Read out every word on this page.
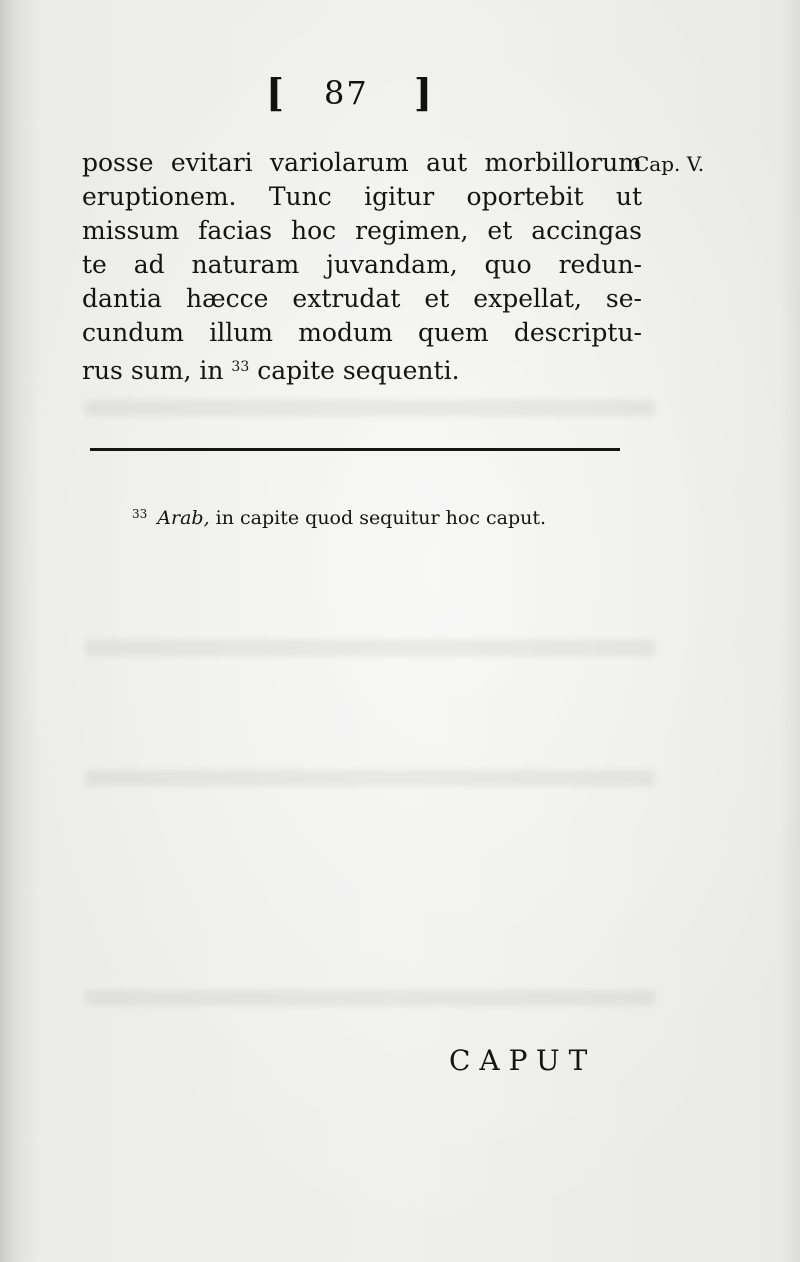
[ 87 ]
Cap. V.
posse evitari variolarum aut morbillorum
eruptionem. Tunc igitur oportebit ut
missum facias hoc regimen, et accingas
te ad naturam juvandam, quo redun-
dantia hæcce extrudat et expellat, se-
cundum illum modum quem descriptu-
rus sum, in $^{33}$ capite sequenti.
$^{33}$ Arab, in capite quod sequitur hoc caput.
CAPUT
